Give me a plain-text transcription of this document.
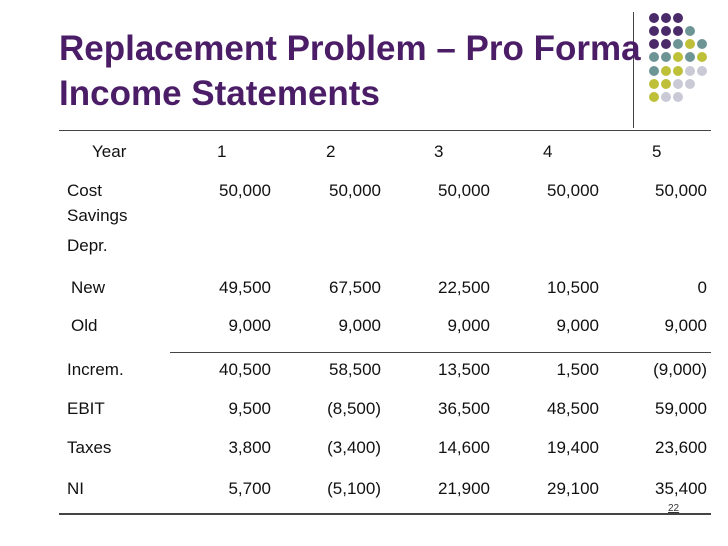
Replacement Problem – Pro Forma
Income Statements
Year	1	2	3	4	5
Cost
Savings
50,000	50,000	50,000	50,000	50,000
Depr.
New	49,500	67,500	22,500	10,500	0
Old	9,000	9,000	9,000	9,000	9,000
Increm.	40,500	58,500	13,500	1,500	(9,000)
EBIT	9,500	(8,500)	36,500	48,500	59,000
Taxes	3,800	(3,400)	14,600	19,400	23,600
NI	5,700	(5,100)	21,900	29,100	35,400
22
